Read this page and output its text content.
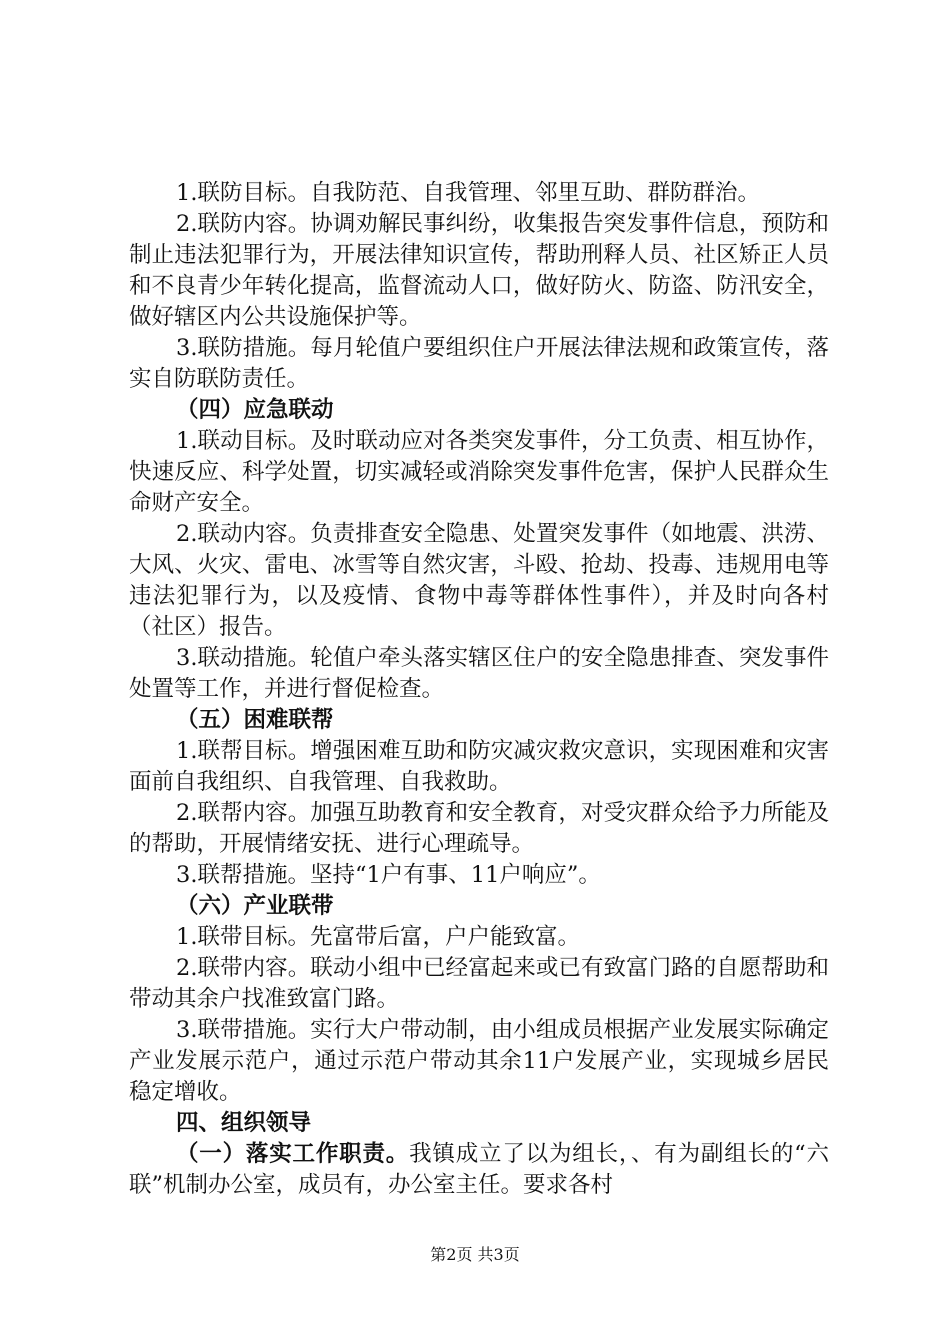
1.联防目标。自我防范、自我管理、邻里互助、群防群治。

2.联防内容。协调劝解民事纠纷，收集报告突发事件信息，预防和制止违法犯罪行为，开展法律知识宣传，帮助刑释人员、社区矫正人员和不良青少年转化提高，监督流动人口，做好防火、防盗、防汛安全，做好辖区内公共设施保护等。

3.联防措施。每月轮值户要组织住户开展法律法规和政策宣传，落实自防联防责任。

（四）应急联动

1.联动目标。及时联动应对各类突发事件，分工负责、相互协作，快速反应、科学处置，切实减轻或消除突发事件危害，保护人民群众生命财产安全。

2.联动内容。负责排查安全隐患、处置突发事件（如地震、洪涝、大风、火灾、雷电、冰雪等自然灾害，斗殴、抢劫、投毒、违规用电等违法犯罪行为，以及疫情、食物中毒等群体性事件），并及时向各村（社区）报告。

3.联动措施。轮值户牵头落实辖区住户的安全隐患排查、突发事件处置等工作，并进行督促检查。

（五）困难联帮

1.联帮目标。增强困难互助和防灾减灾救灾意识，实现困难和灾害面前自我组织、自我管理、自我救助。

2.联帮内容。加强互助教育和安全教育，对受灾群众给予力所能及的帮助，开展情绪安抚、进行心理疏导。

3.联帮措施。坚持“1户有事、11户响应”。

（六）产业联带

1.联带目标。先富带后富，户户能致富。

2.联带内容。联动小组中已经富起来或已有致富门路的自愿帮助和带动其余户找准致富门路。

3.联带措施。实行大户带动制，由小组成员根据产业发展实际确定产业发展示范户，通过示范户带动其余11户发展产业，实现城乡居民稳定增收。

四、组织领导

（一）落实工作职责。我镇成立了以为组长，、有为副组长的“六联”机制办公室，成员有，办公室主任。要求各村

第2页 共3页
